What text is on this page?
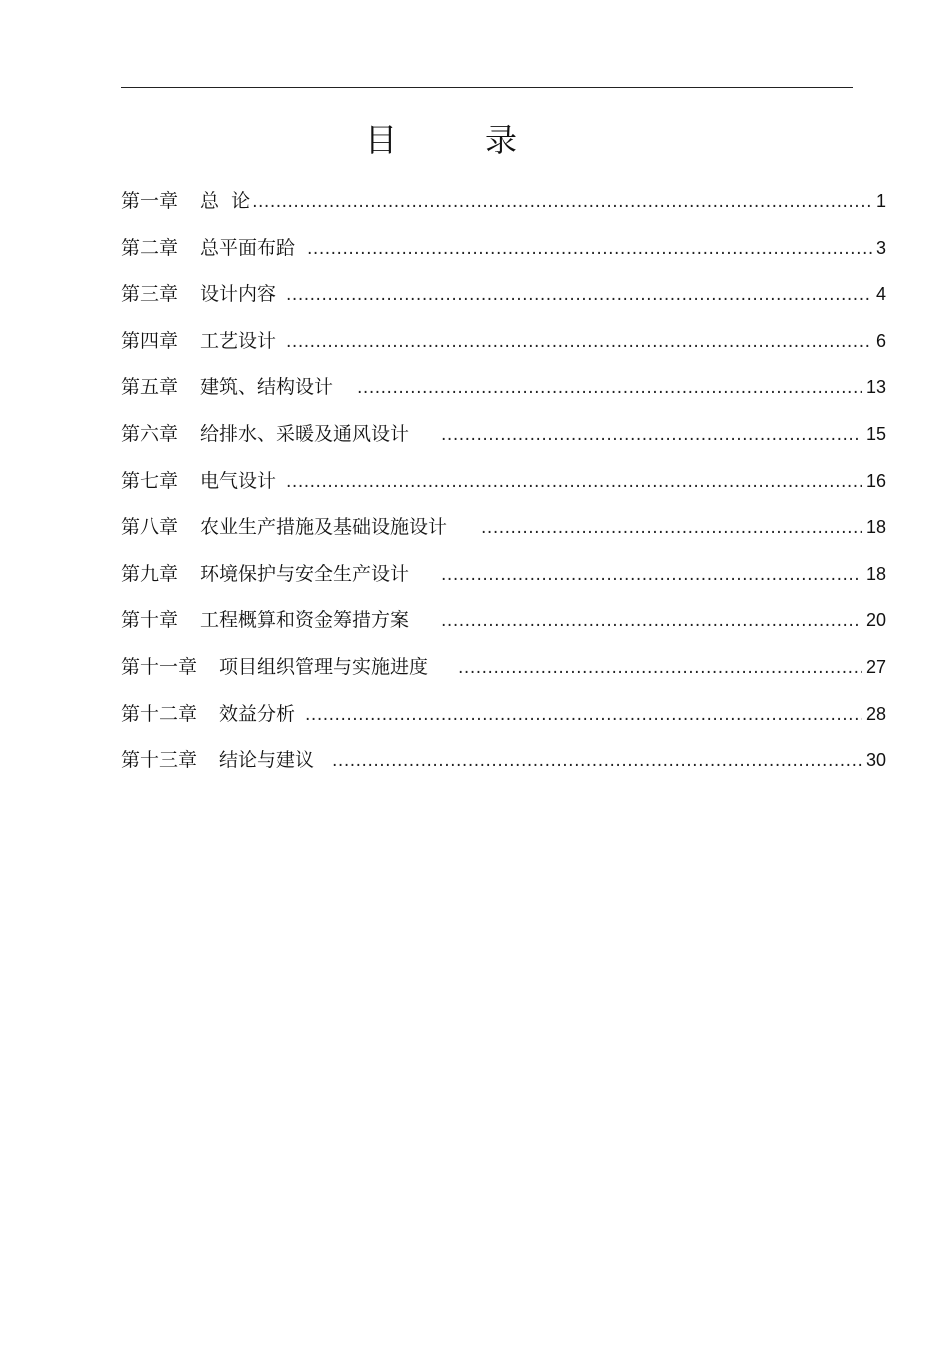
目录
第一章 总  论 .....	1
第二章 总平面布跲 .....	3
第三章 设计内容 .....	4
第四章 工艺设计 .....	6
第五章 建筑、结构设计 .....	13
第六章 给排水、采暖及通风设计 .....	15
第七章 电气设计 .....	16
第八章 农业生产措施及基础设施设计 .....	18
第九章 环境保护与安全生产设计 .....	18
第十章 工程概算和资金筹措方案 .....	20
第十一章 项目组织管理与实施进度 .....	27
第十二章 效益分析 .....	28
第十三章 结论与建议 .....	30
